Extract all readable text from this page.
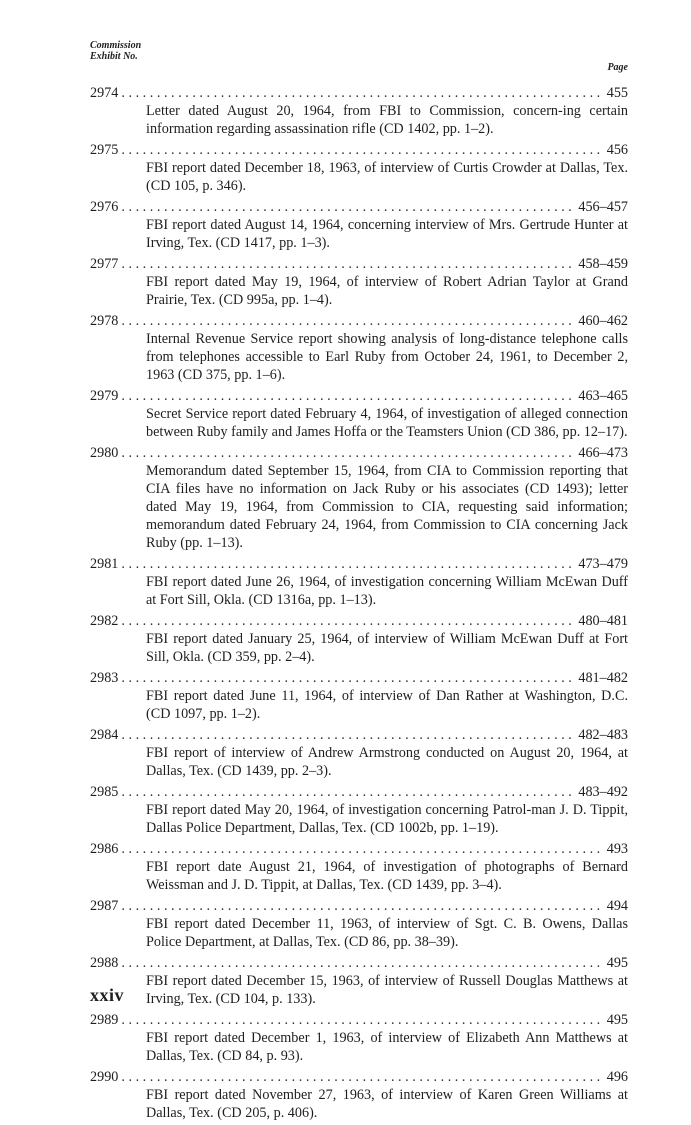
Commission
Exhibit No.
Page
2974 . . .	455
Letter dated August 20, 1964, from FBI to Commission, concern-ing certain information regarding assassination rifle (CD 1402, pp. 1–2).
2975 . . .	456
FBI report dated December 18, 1963, of interview of Curtis Crowder at Dallas, Tex. (CD 105, p. 346).
2976 . . .	456–457
FBI report dated August 14, 1964, concerning interview of Mrs. Gertrude Hunter at Irving, Tex. (CD 1417, pp. 1–3).
2977 . . .	458–459
FBI report dated May 19, 1964, of interview of Robert Adrian Taylor at Grand Prairie, Tex. (CD 995a, pp. 1–4).
2978 . . .	460–462
Internal Revenue Service report showing analysis of long-distance telephone calls from telephones accessible to Earl Ruby from October 24, 1961, to December 2, 1963 (CD 375, pp. 1–6).
2979 . . .	463–465
Secret Service report dated February 4, 1964, of investigation of alleged connection between Ruby family and James Hoffa or the Teamsters Union (CD 386, pp. 12–17).
2980 . . .	466–473
Memorandum dated September 15, 1964, from CIA to Commission reporting that CIA files have no information on Jack Ruby or his associates (CD 1493); letter dated May 19, 1964, from Commission to CIA, requesting said information; memorandum dated February 24, 1964, from Commission to CIA concerning Jack Ruby (pp. 1–13).
2981 . . .	473–479
FBI report dated June 26, 1964, of investigation concerning William McEwan Duff at Fort Sill, Okla. (CD 1316a, pp. 1–13).
2982 . . .	480–481
FBI report dated January 25, 1964, of interview of William McEwan Duff at Fort Sill, Okla. (CD 359, pp. 2–4).
2983 . . .	481–482
FBI report dated June 11, 1964, of interview of Dan Rather at Washington, D.C. (CD 1097, pp. 1–2).
2984 . . .	482–483
FBI report of interview of Andrew Armstrong conducted on August 20, 1964, at Dallas, Tex. (CD 1439, pp. 2–3).
2985 . . .	483–492
FBI report dated May 20, 1964, of investigation concerning Patrol-man J. D. Tippit, Dallas Police Department, Dallas, Tex. (CD 1002b, pp. 1–19).
2986 . . .	493
FBI report date August 21, 1964, of investigation of photographs of Bernard Weissman and J. D. Tippit, at Dallas, Tex. (CD 1439, pp. 3–4).
2987 . . .	494
FBI report dated December 11, 1963, of interview of Sgt. C. B. Owens, Dallas Police Department, at Dallas, Tex. (CD 86, pp. 38–39).
2988 . . .	495
FBI report dated December 15, 1963, of interview of Russell Douglas Matthews at Irving, Tex. (CD 104, p. 133).
2989 . . .	495
FBI report dated December 1, 1963, of interview of Elizabeth Ann Matthews at Dallas, Tex. (CD 84, p. 93).
2990 . . .	496
FBI report dated November 27, 1963, of interview of Karen Green Williams at Dallas, Tex. (CD 205, p. 406).
xxiv
